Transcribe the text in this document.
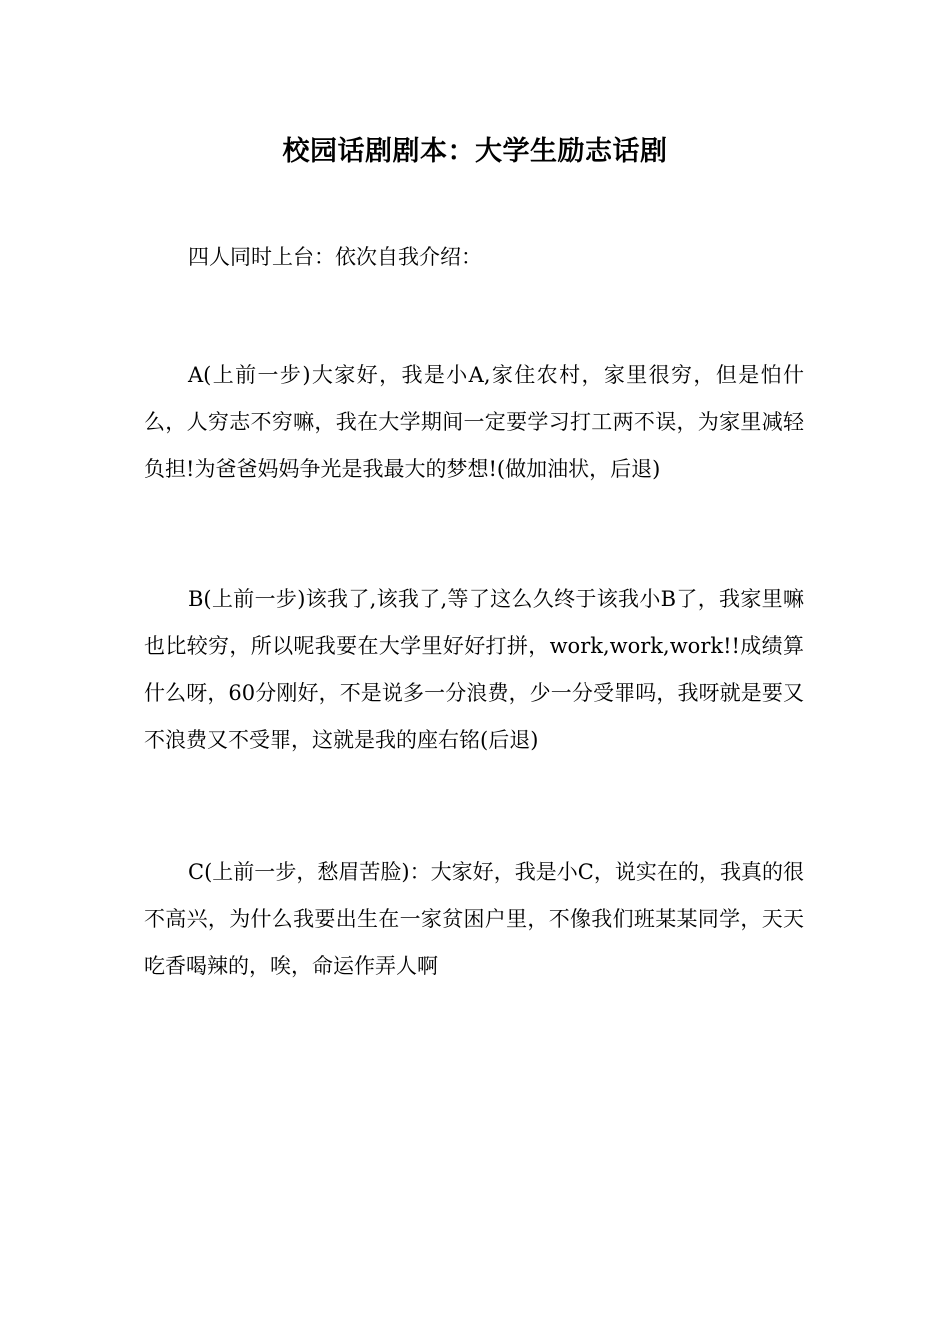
校园话剧剧本：大学生励志话剧

四人同时上台：依次自我介绍：

A(上前一步)大家好，我是小A,家住农村，家里很穷，但是怕什么，人穷志不穷嘛，我在大学期间一定要学习打工两不误，为家里减轻负担!为爸爸妈妈争光是我最大的梦想!(做加油状，后退)

B(上前一步)该我了,该我了,等了这么久终于该我小B了，我家里嘛也比较穷，所以呢我要在大学里好好打拼，work,work,work!!成绩算什么呀，60分刚好，不是说多一分浪费，少一分受罪吗，我呀就是要又不浪费又不受罪，这就是我的座右铭(后退)

C(上前一步，愁眉苦脸)：大家好，我是小C，说实在的，我真的很不高兴，为什么我要出生在一家贫困户里，不像我们班某某同学，天天吃香喝辣的，唉，命运作弄人啊
